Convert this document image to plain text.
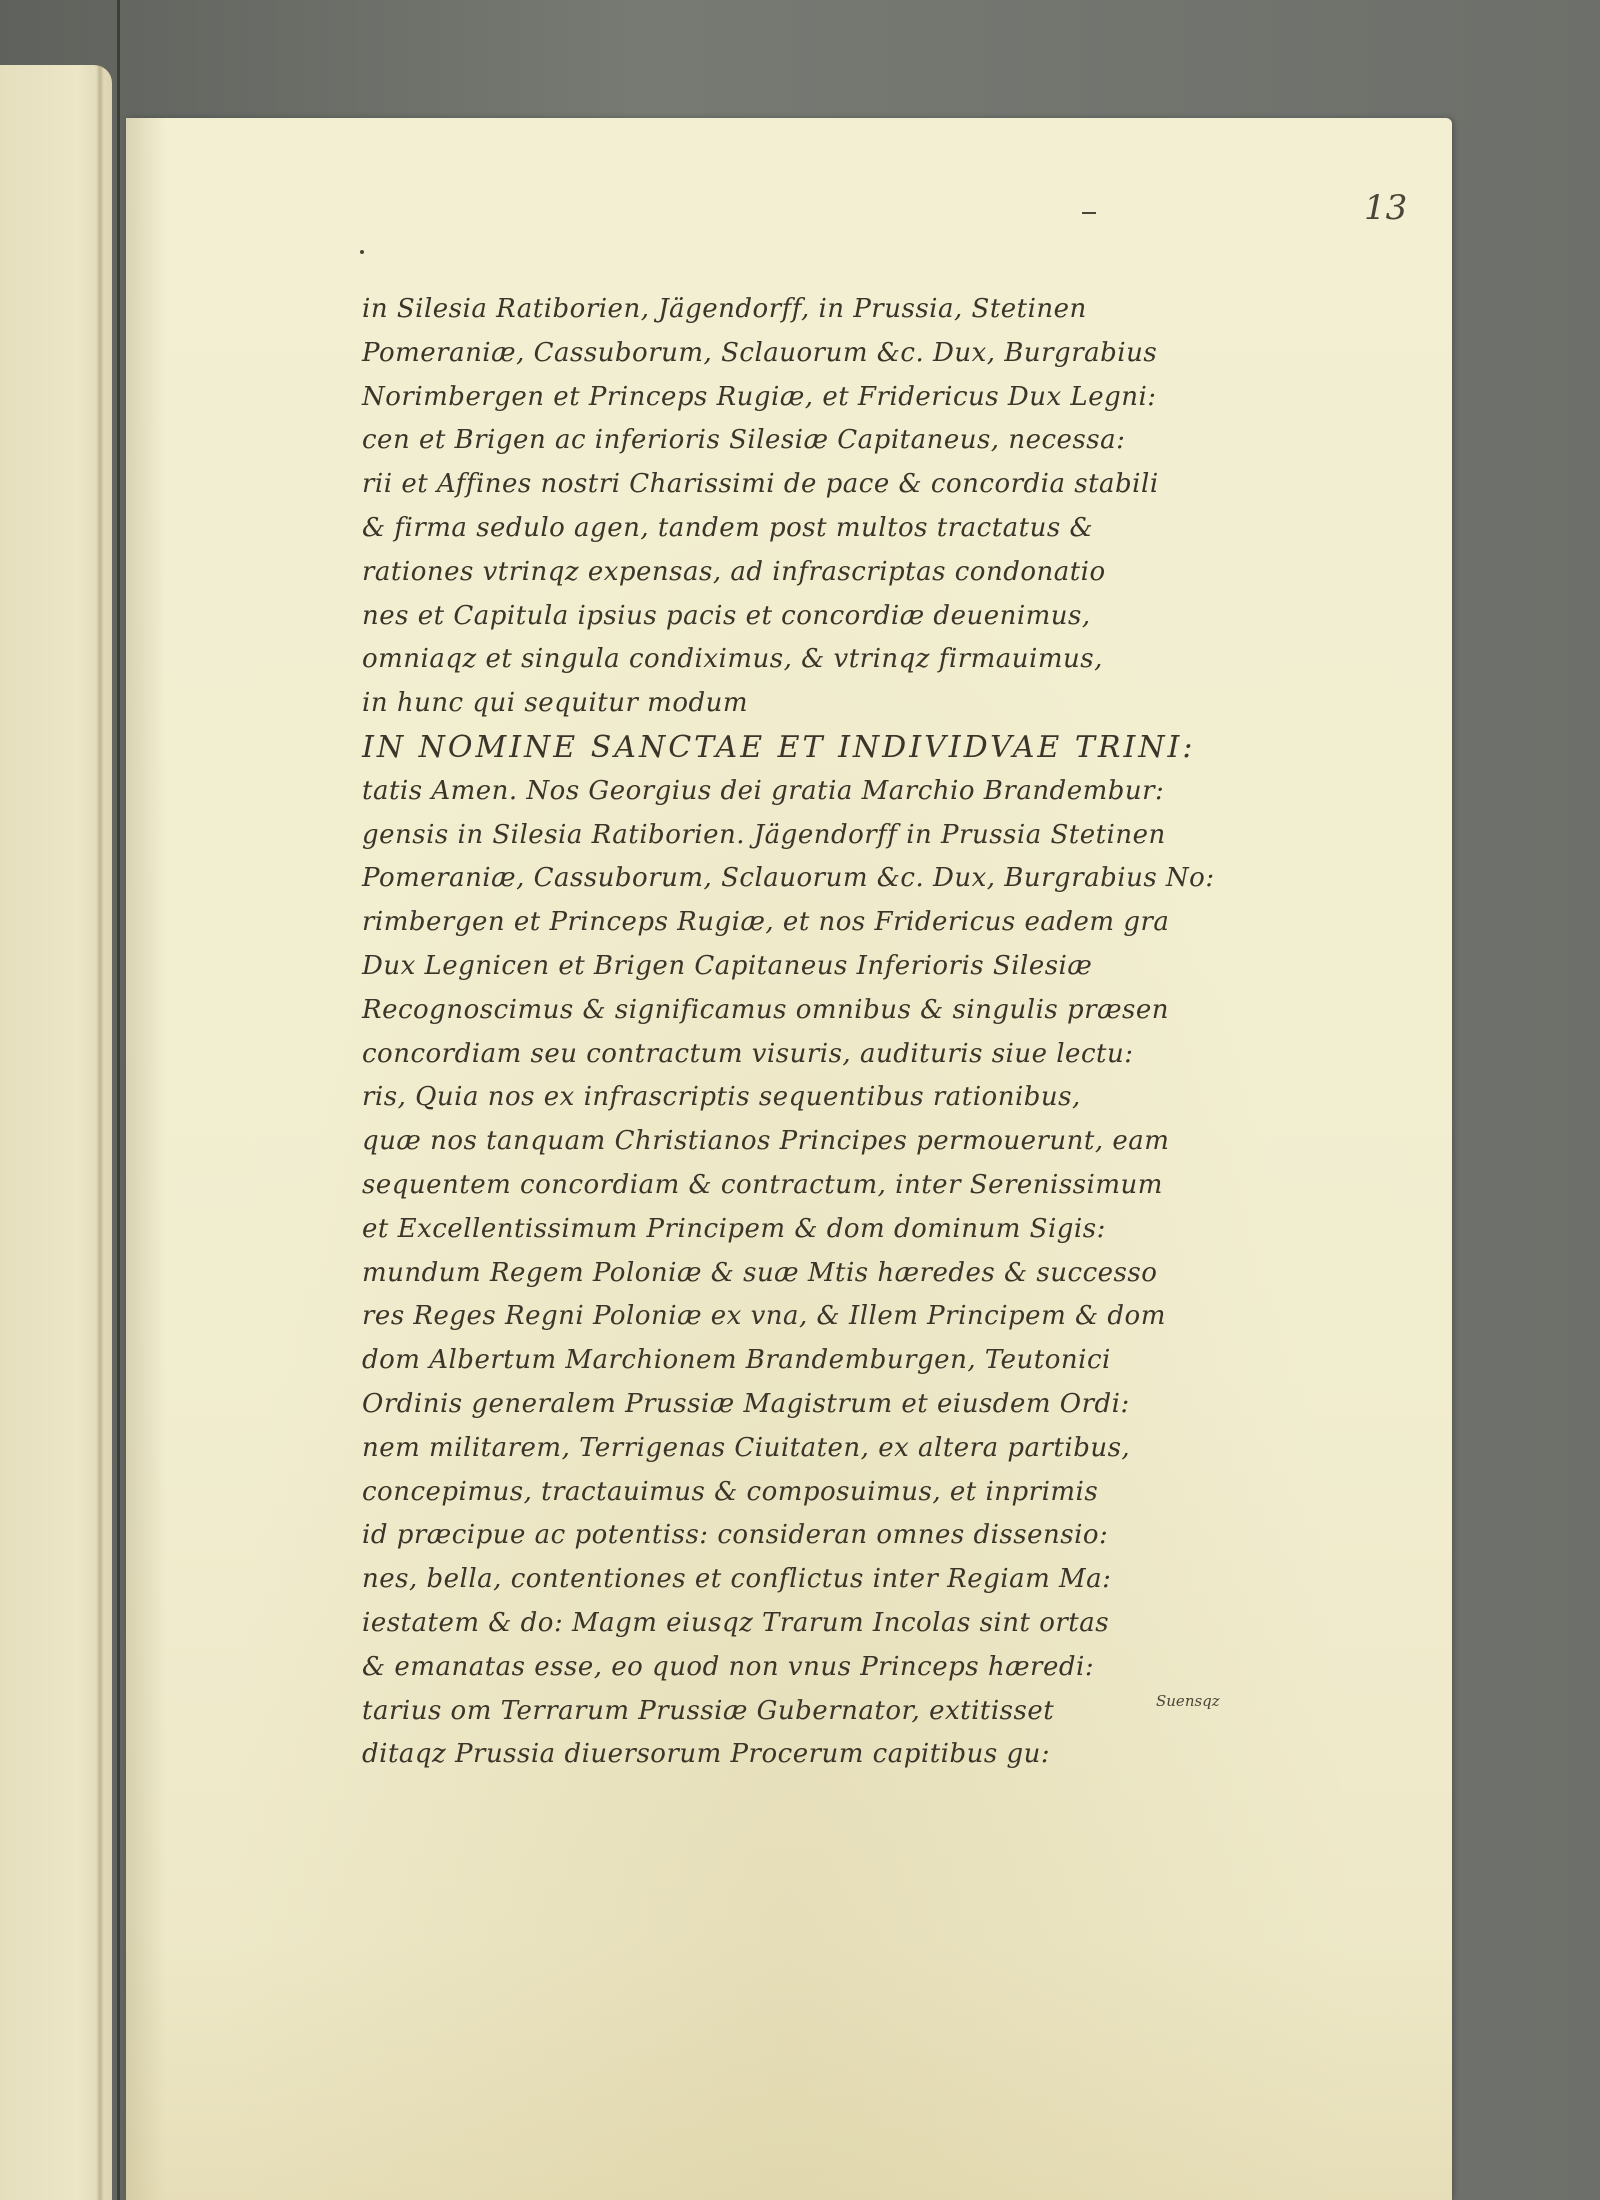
13
Suensqz
in Silesia Ratiborien, Jägendorff, in Prussia, Stetinen
Pomeraniæ, Cassuborum, Sclauorum &c. Dux, Burgrabius
Norimbergen et Princeps Rugiæ, et Fridericus Dux Legni:
cen et Brigen ac inferioris Silesiæ Capitaneus, necessa:
rii et Affines nostri Charissimi de pace & concordia stabili
& firma sedulo agen, tandem post multos tractatus &
rationes vtrinqz expensas, ad infrascriptas condonatio
nes et Capitula ipsius pacis et concordiæ deuenimus,
omniaqz et singula condiximus, & vtrinqz firmauimus,
in hunc qui sequitur modum
IN NOMINE SANCTAE ET INDIVIDVAE TRINI:
tatis Amen. Nos Georgius dei gratia Marchio Brandembur:
gensis in Silesia Ratiborien. Jägendorff in Prussia Stetinen
Pomeraniæ, Cassuborum, Sclauorum &c. Dux, Burgrabius No:
rimbergen et Princeps Rugiæ, et nos Fridericus eadem gra
Dux Legnicen et Brigen Capitaneus Inferioris Silesiæ
Recognoscimus & significamus omnibus & singulis præsen
concordiam seu contractum visuris, audituris siue lectu:
ris, Quia nos ex infrascriptis sequentibus rationibus,
quæ nos tanquam Christianos Principes permouerunt, eam
sequentem concordiam & contractum, inter Serenissimum
et Excellentissimum Principem & dom dominum Sigis:
mundum Regem Poloniæ & suæ Mtis hæredes & successo
res Reges Regni Poloniæ ex vna, & Illem Principem & dom
dom Albertum Marchionem Brandemburgen, Teutonici
Ordinis generalem Prussiæ Magistrum et eiusdem Ordi:
nem militarem, Terrigenas Ciuitaten, ex altera partibus,
concepimus, tractauimus & composuimus, et inprimis
id præcipue ac potentiss: consideran omnes dissensio:
nes, bella, contentiones et conflictus inter Regiam Ma:
iestatem & do: Magm eiusqz Trarum Incolas sint ortas
& emanatas esse, eo quod non vnus Princeps hæredi:
tarius om Terrarum Prussiæ Gubernator, extitisset
ditaqz Prussia diuersorum Procerum capitibus gu:
